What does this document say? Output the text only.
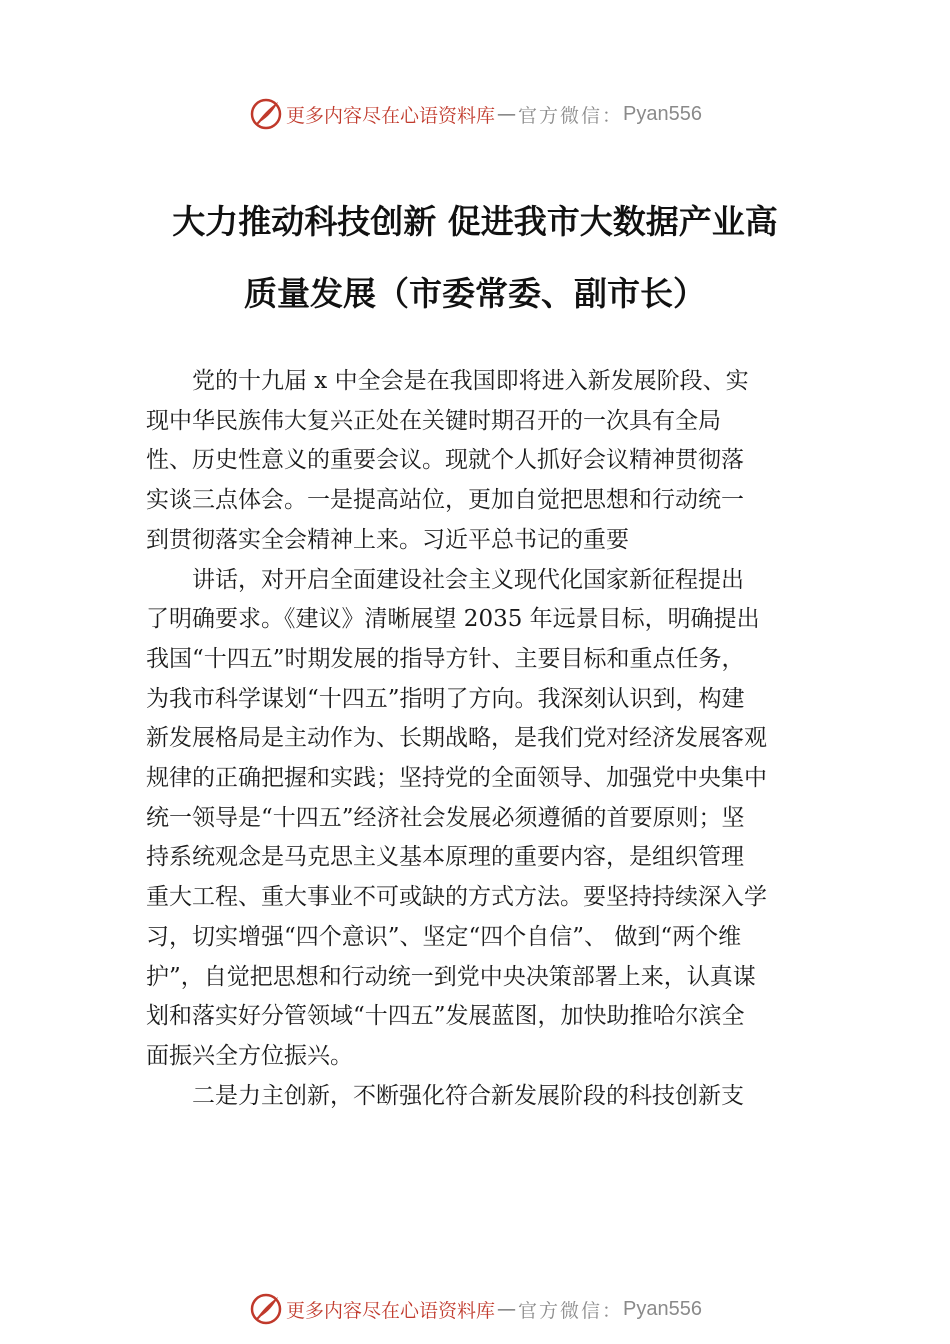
更多内容尽在心语资料库 — 官方微信： Pyan556
大力推动科技创新 促进我市大数据产业高
质量发展（市委常委、副市长）

党的十九届 x 中全会是在我国即将进入新发展阶段、实
现中华民族伟大复兴正处在关键时期召开的一次具有全局
性、历史性意义的重要会议。现就个人抓好会议精神贯彻落
实谈三点体会。一是提高站位，更加自觉把思想和行动统一
到贯彻落实全会精神上来。习近平总书记的重要

讲话，对开启全面建设社会主义现代化国家新征程提出
了明确要求。《建议》清晰展望 2035 年远景目标，明确提出
我国“十四五”时期发展的指导方针、主要目标和重点任务，
为我市科学谋划“十四五”指明了方向。我深刻认识到，构建
新发展格局是主动作为、长期战略，是我们党对经济发展客观
规律的正确把握和实践；坚持党的全面领导、加强党中央集中
统一领导是“十四五”经济社会发展必须遵循的首要原则；坚
持系统观念是马克思主义基本原理的重要内容，是组织管理
重大工程、重大事业不可或缺的方式方法。要坚持持续深入学
习，切实增强“四个意识”、坚定“四个自信”、 做到“两个维
护”，自觉把思想和行动统一到党中央决策部署上来，认真谋
划和落实好分管领域“十四五”发展蓝图，加快助推哈尔滨全
面振兴全方位振兴。

二是力主创新，不断强化符合新发展阶段的科技创新支

更多内容尽在心语资料库 — 官方微信： Pyan556
